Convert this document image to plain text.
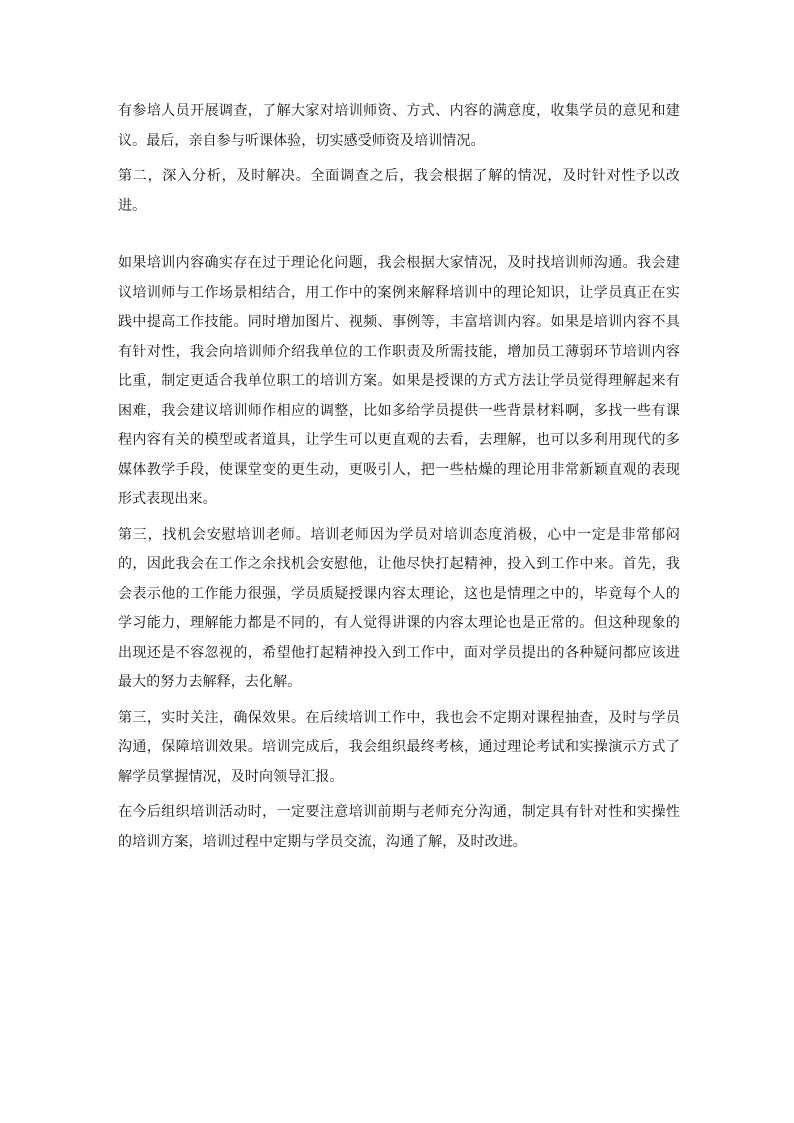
有参培人员开展调查，了解大家对培训师资、方式、内容的满意度，收集学员的意见和建议。最后，亲自参与听课体验，切实感受师资及培训情况。

第二，深入分析，及时解决。全面调查之后，我会根据了解的情况，及时针对性予以改进。

如果培训内容确实存在过于理论化问题，我会根据大家情况，及时找培训师沟通。我会建议培训师与工作场景相结合，用工作中的案例来解释培训中的理论知识，让学员真正在实践中提高工作技能。同时增加图片、视频、事例等，丰富培训内容。如果是培训内容不具有针对性，我会向培训师介绍我单位的工作职责及所需技能，增加员工薄弱环节培训内容比重，制定更适合我单位职工的培训方案。如果是授课的方式方法让学员觉得理解起来有困难，我会建议培训师作相应的调整，比如多给学员提供一些背景材料啊，多找一些有课程内容有关的模型或者道具，让学生可以更直观的去看，去理解，也可以多利用现代的多媒体教学手段，使课堂变的更生动，更吸引人，把一些枯燥的理论用非常新颖直观的表现形式表现出来。

第三，找机会安慰培训老师。培训老师因为学员对培训态度消极，心中一定是非常郁闷的，因此我会在工作之余找机会安慰他，让他尽快打起精神，投入到工作中来。首先，我会表示他的工作能力很强，学员质疑授课内容太理论，这也是情理之中的，毕竟每个人的学习能力，理解能力都是不同的，有人觉得讲课的内容太理论也是正常的。但这种现象的出现还是不容忽视的，希望他打起精神投入到工作中，面对学员提出的各种疑问都应该进最大的努力去解释，去化解。

第三，实时关注，确保效果。在后续培训工作中，我也会不定期对课程抽查，及时与学员沟通，保障培训效果。培训完成后，我会组织最终考核，通过理论考试和实操演示方式了解学员掌握情况，及时向领导汇报。

在今后组织培训活动时，一定要注意培训前期与老师充分沟通，制定具有针对性和实操性的培训方案，培训过程中定期与学员交流，沟通了解，及时改进。
